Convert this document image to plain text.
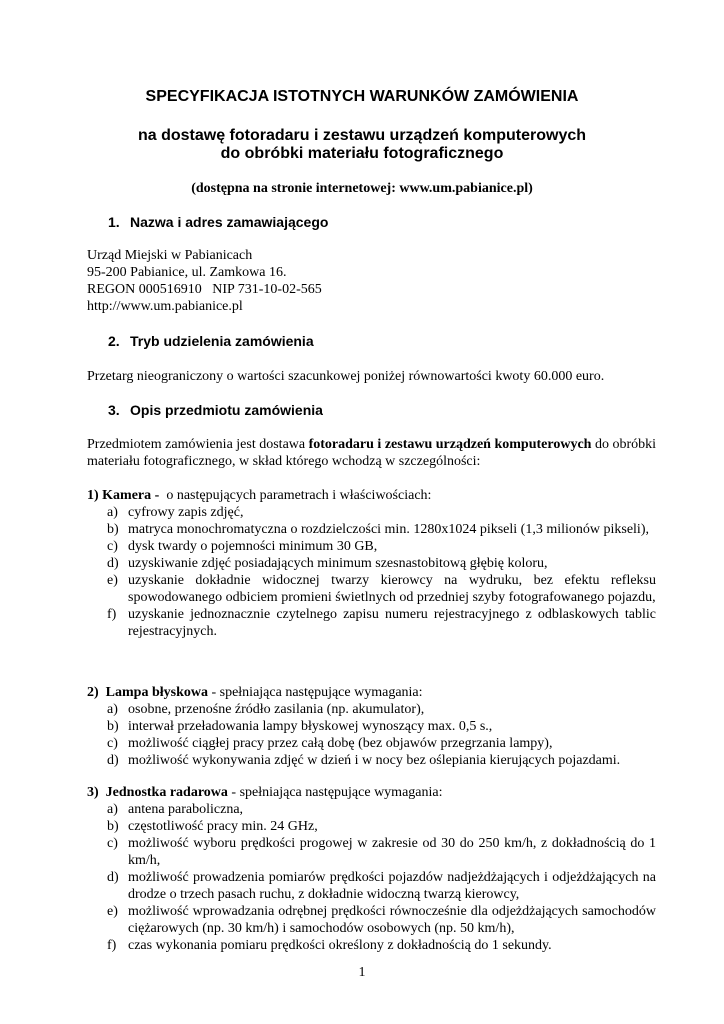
SPECYFIKACJA ISTOTNYCH WARUNKÓW ZAMÓWIENIA
na dostawę fotoradaru i zestawu urządzeń komputerowych
do obróbki materiału fotograficznego
(dostępna na stronie internetowej: www.um.pabianice.pl)
1. Nazwa i adres zamawiającego

Urząd Miejski w Pabianicach

95-200 Pabianice, ul. Zamkowa 16.

REGON 000516910   NIP 731-10-02-565

http://www.um.pabianice.pl

2. Tryb udzielenia zamówienia

Przetarg nieograniczony o wartości szacunkowej poniżej równowartości kwoty 60.000 euro.

3. Opis przedmiotu zamówienia

Przedmiotem zamówienia jest dostawa fotoradaru i zestawu urządzeń komputerowych do obróbki materiału fotograficznego, w skład którego wchodzą w szczególności:

1) Kamera -  o następujących parametrach i właściwościach:

a) cyfrowy zapis zdjęć,
b) matryca monochromatyczna o rozdzielczości min. 1280x1024 pikseli (1,3 milionów pikseli),
c) dysk twardy o pojemności minimum 30 GB,
d) uzyskiwanie zdjęć posiadających minimum szesnastobitową głębię koloru,
e) uzyskanie dokładnie widocznej twarzy kierowcy na wydruku, bez efektu refleksu spowodowanego odbiciem promieni świetlnych od przedniej szyby fotografowanego pojazdu,
f) uzyskanie jednoznacznie czytelnego zapisu numeru rejestracyjnego z odblaskowych tablic rejestracyjnych.

2)  Lampa błyskowa - spełniająca następujące wymagania:

a) osobne, przenośne źródło zasilania (np. akumulator),
b) interwał przeładowania lampy błyskowej wynoszący max. 0,5 s.,
c) możliwość ciągłej pracy przez całą dobę (bez objawów przegrzania lampy),
d) możliwość wykonywania zdjęć w dzień i w nocy bez oślepiania kierujących pojazdami.

3)  Jednostka radarowa - spełniająca następujące wymagania:

a) antena paraboliczna,
b) częstotliwość pracy min. 24 GHz,
c) możliwość wyboru prędkości progowej w zakresie od 30 do 250 km/h, z dokładnością do 1 km/h,
d) możliwość prowadzenia pomiarów prędkości pojazdów nadjeżdżających i odjeżdżających na drodze o trzech pasach ruchu, z dokładnie widoczną twarzą kierowcy,
e) możliwość wprowadzania odrębnej prędkości równocześnie dla odjeżdżających samochodów ciężarowych (np. 30 km/h) i samochodów osobowych (np. 50 km/h),
f) czas wykonania pomiaru prędkości określony z dokładnością do 1 sekundy.
1
